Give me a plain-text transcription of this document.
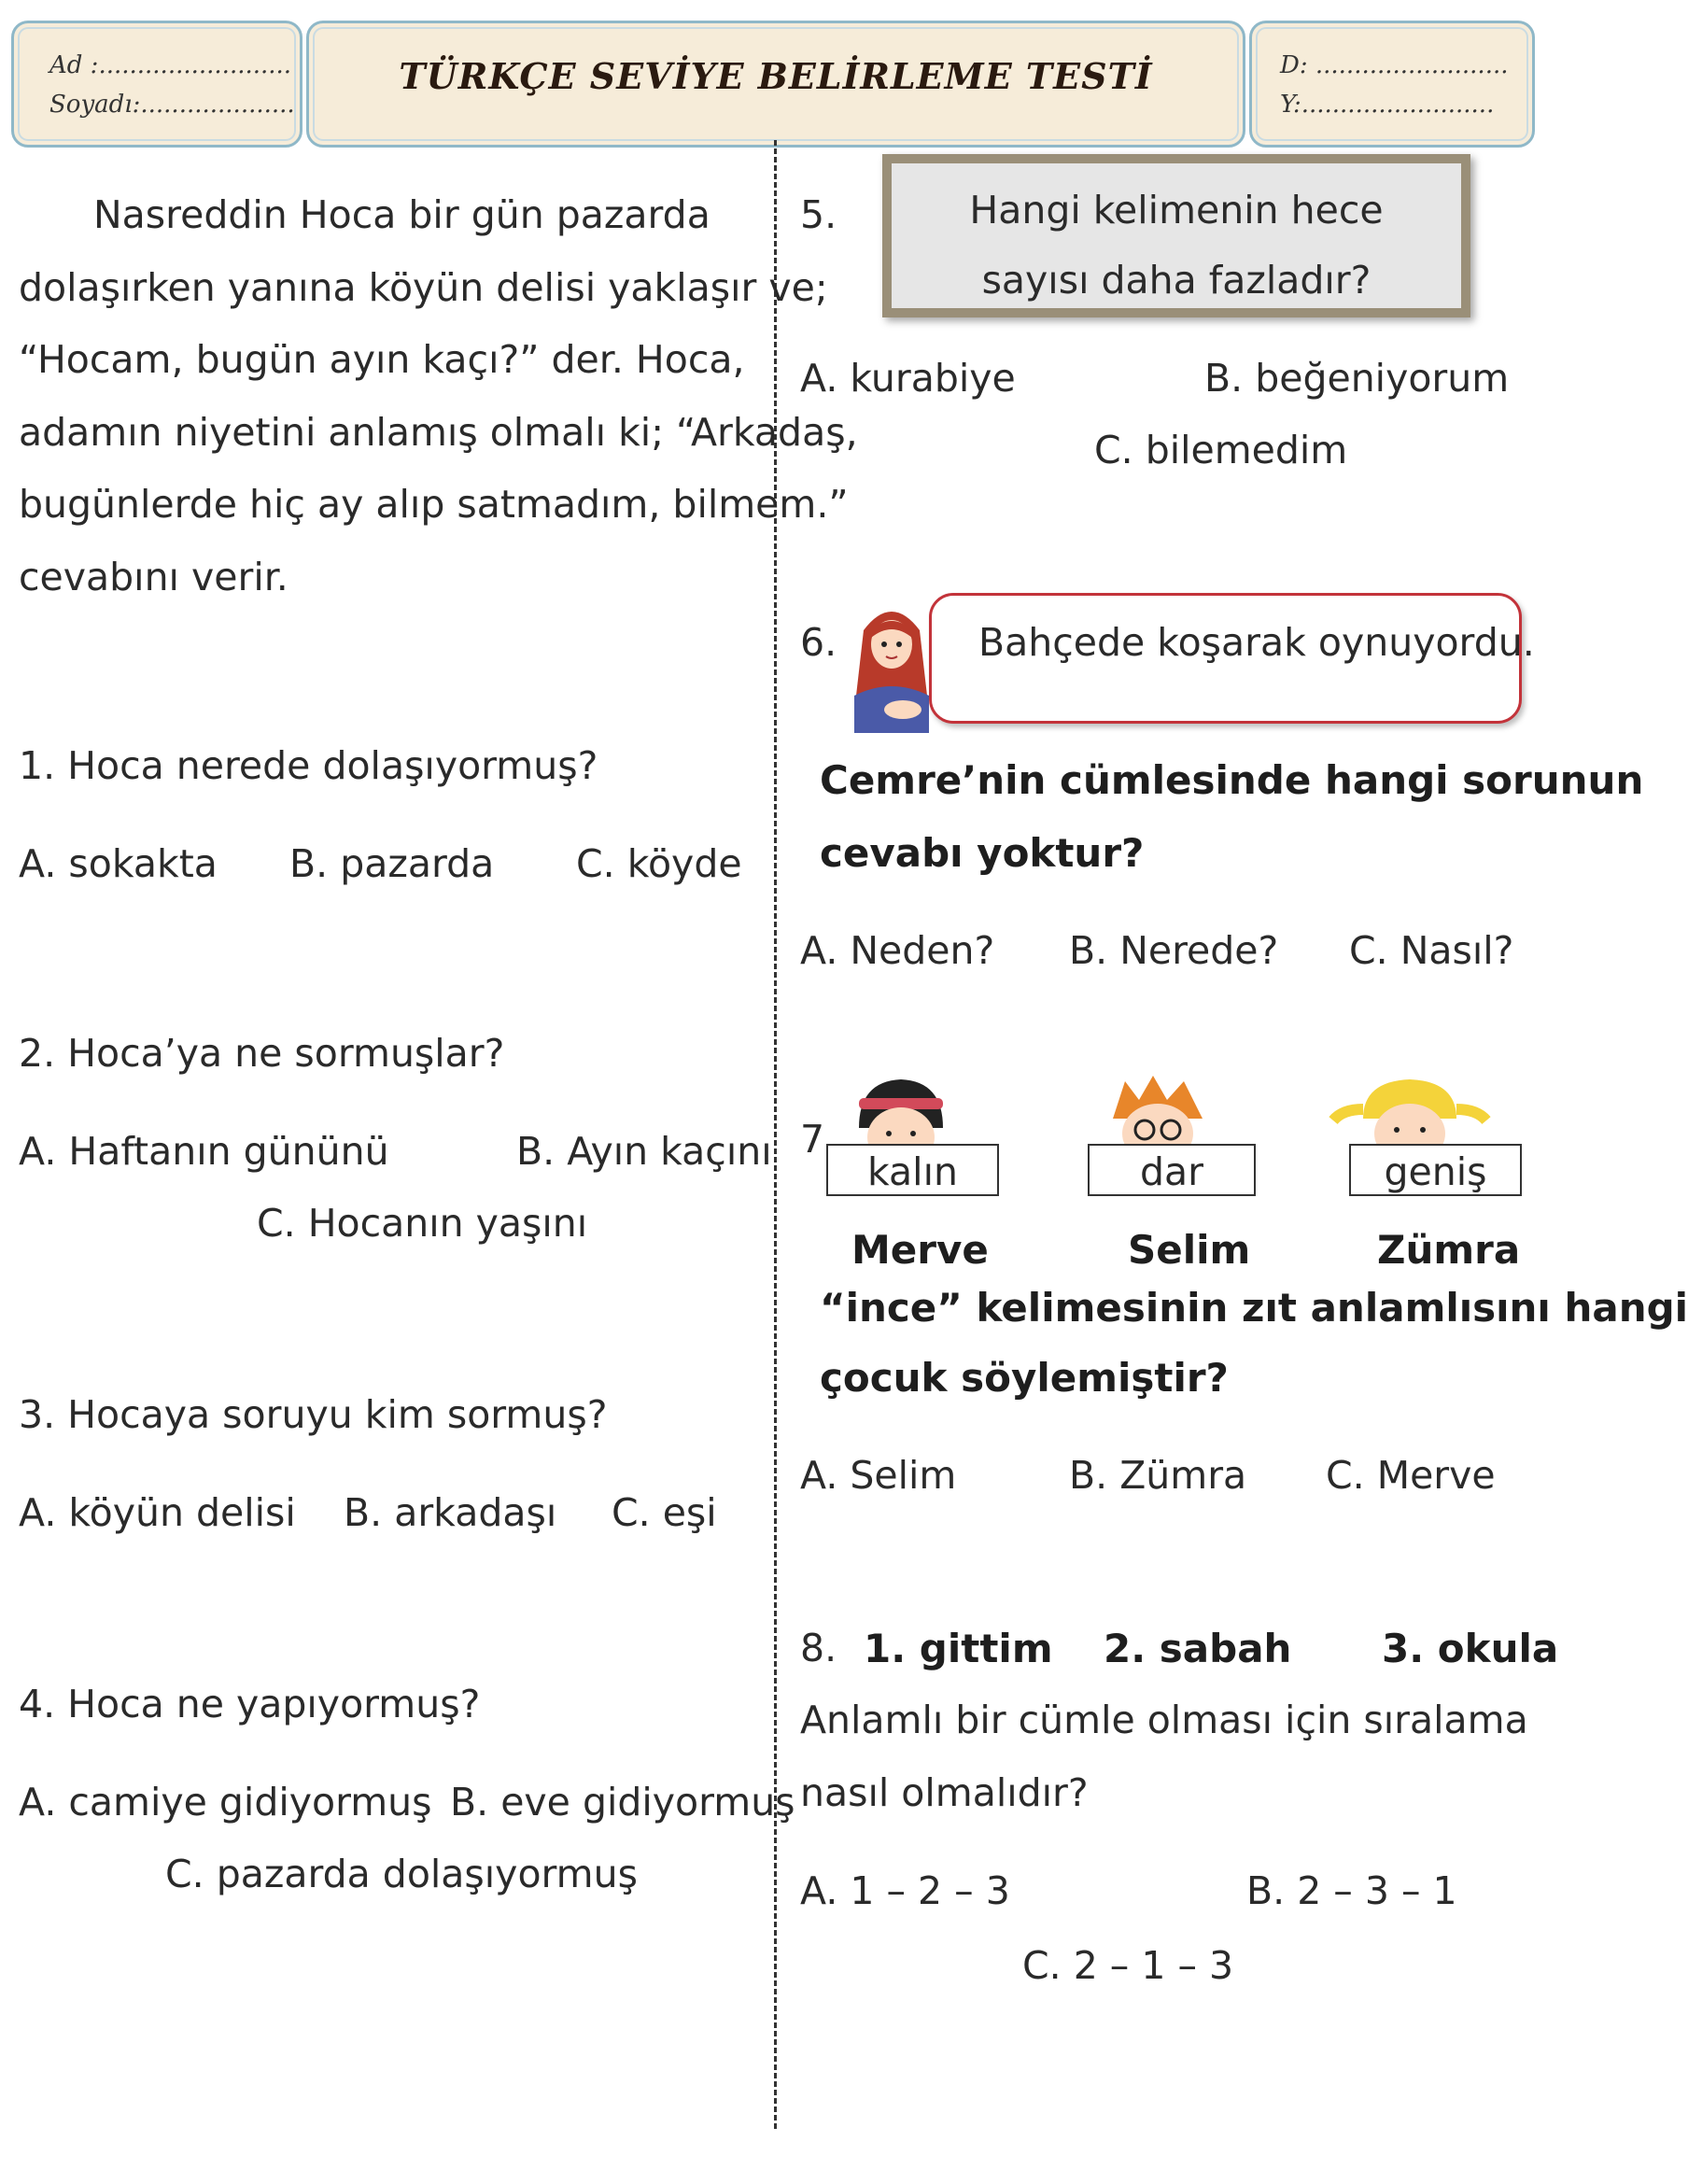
Ad :.........................
Soyadı:....................
TÜRKÇE SEVİYE BELİRLEME TESTİ	D: .........................
Y:.........................
Nasreddin Hoca bir gün pazarda
dolaşırken yanına köyün delisi yaklaşır ve;
“Hocam, bugün ayın kaçı?” der. Hoca,
adamın niyetini anlamış olmalı ki; “Arkadaş,
bugünlerde hiç ay alıp satmadım, bilmem.”
cevabını verir.
1. Hoca nerede dolaşıyormuş?
A. sokakta B. pazarda C. köyde
2. Hoca’ya ne sormuşlar?
A. Haftanın gününü	B. Ayın kaçını
C. Hocanın yaşını
3. Hocaya soruyu kim sormuş?
A. köyün delisi B. arkadaşı C. eşi
4. Hoca ne yapıyormuş?
A. camiye gidiyormuş B. eve gidiyormuş
C. pazarda dolaşıyormuş
5.	Hangi kelimenin hece
sayısı daha fazladır?
A. kurabiye	B. beğeniyorum
C. bilemedim
6.	Bahçede koşarak oynuyordu.
Cemre’nin cümlesinde hangi sorunun
cevabı yoktur?
A. Neden? B. Nerede? C. Nasıl?
7
kalın	dar	geniş
Merve	Selim	Zümra
“ince” kelimesinin zıt anlamlısını hangi
çocuk söylemiştir?
A. Selim	B. Zümra C. Merve
8. 1. gittim 2. sabah 3. okula
Anlamlı bir cümle olması için sıralama
nasıl olmalıdır?
A. 1 – 2 – 3	B. 2 – 3 – 1
C. 2 – 1 – 3
